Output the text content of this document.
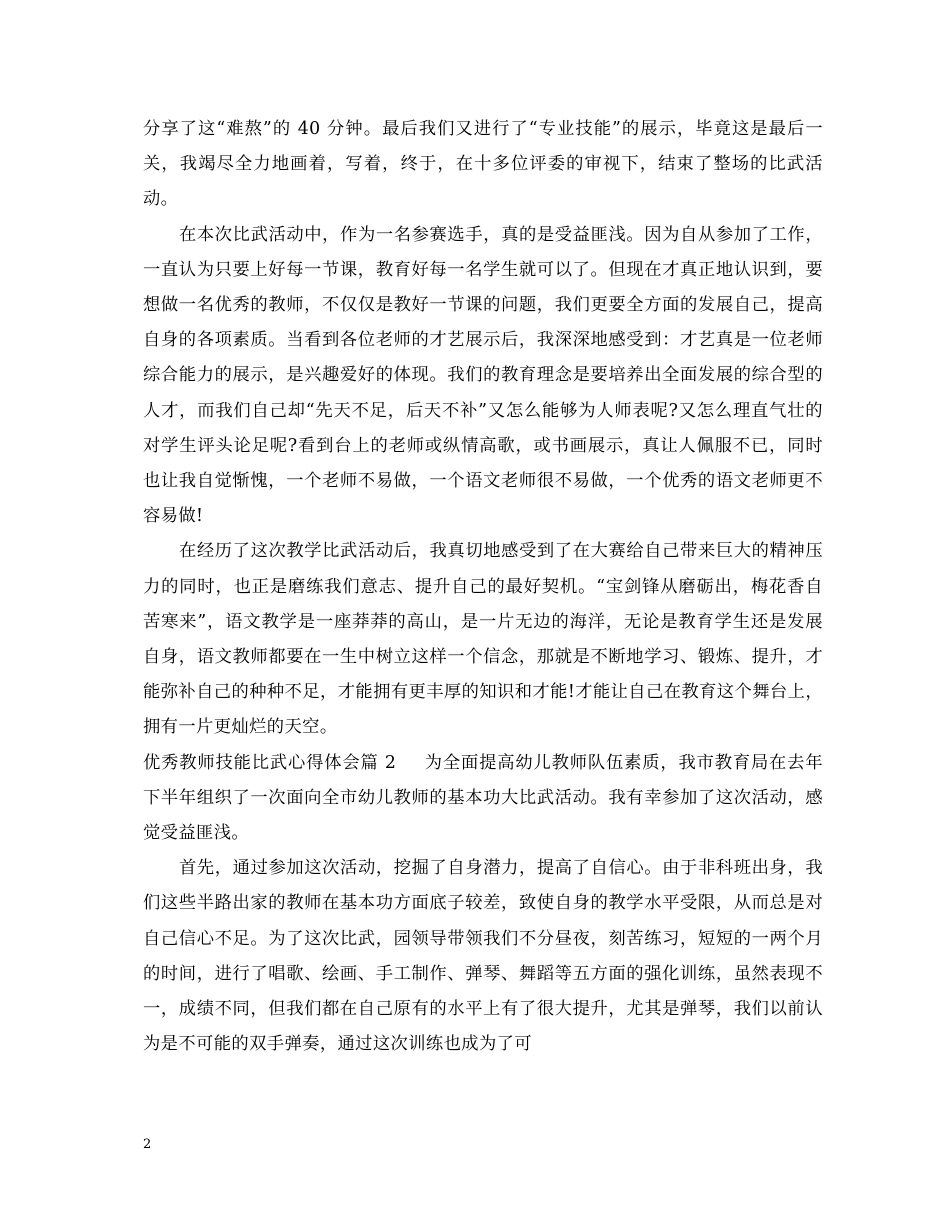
分享了这“难熬”的 40 分钟。最后我们又进行了“专业技能”的展示，毕竟这是最后一关，我竭尽全力地画着，写着，终于，在十多位评委的审视下，结束了整场的比武活动。

在本次比武活动中，作为一名参赛选手，真的是受益匪浅。因为自从参加了工作，一直认为只要上好每一节课，教育好每一名学生就可以了。但现在才真正地认识到，要想做一名优秀的教师，不仅仅是教好一节课的问题，我们更要全方面的发展自己，提高自身的各项素质。当看到各位老师的才艺展示后，我深深地感受到：才艺真是一位老师综合能力的展示，是兴趣爱好的体现。我们的教育理念是要培养出全面发展的综合型的人才，而我们自己却“先天不足，后天不补”又怎么能够为人师表呢?又怎么理直气壮的对学生评头论足呢?看到台上的老师或纵情高歌，或书画展示，真让人佩服不已，同时也让我自觉惭愧，一个老师不易做，一个语文老师很不易做，一个优秀的语文老师更不容易做!

在经历了这次教学比武活动后，我真切地感受到了在大赛给自己带来巨大的精神压力的同时，也正是磨练我们意志、提升自己的最好契机。“宝剑锋从磨砺出，梅花香自苦寒来”，语文教学是一座莽莽的高山，是一片无边的海洋，无论是教育学生还是发展自身，语文教师都要在一生中树立这样一个信念，那就是不断地学习、锻炼、提升，才能弥补自己的种种不足，才能拥有更丰厚的知识和才能!才能让自己在教育这个舞台上，拥有一片更灿烂的天空。

优秀教师技能比武心得体会篇 2 为全面提高幼儿教师队伍素质，我市教育局在去年下半年组织了一次面向全市幼儿教师的基本功大比武活动。我有幸参加了这次活动，感觉受益匪浅。

首先，通过参加这次活动，挖掘了自身潜力，提高了自信心。由于非科班出身，我们这些半路出家的教师在基本功方面底子较差，致使自身的教学水平受限，从而总是对自己信心不足。为了这次比武，园领导带领我们不分昼夜，刻苦练习，短短的一两个月的时间，进行了唱歌、绘画、手工制作、弹琴、舞蹈等五方面的强化训练，虽然表现不一，成绩不同，但我们都在自己原有的水平上有了很大提升，尤其是弹琴，我们以前认为是不可能的双手弹奏，通过这次训练也成为了可

2
